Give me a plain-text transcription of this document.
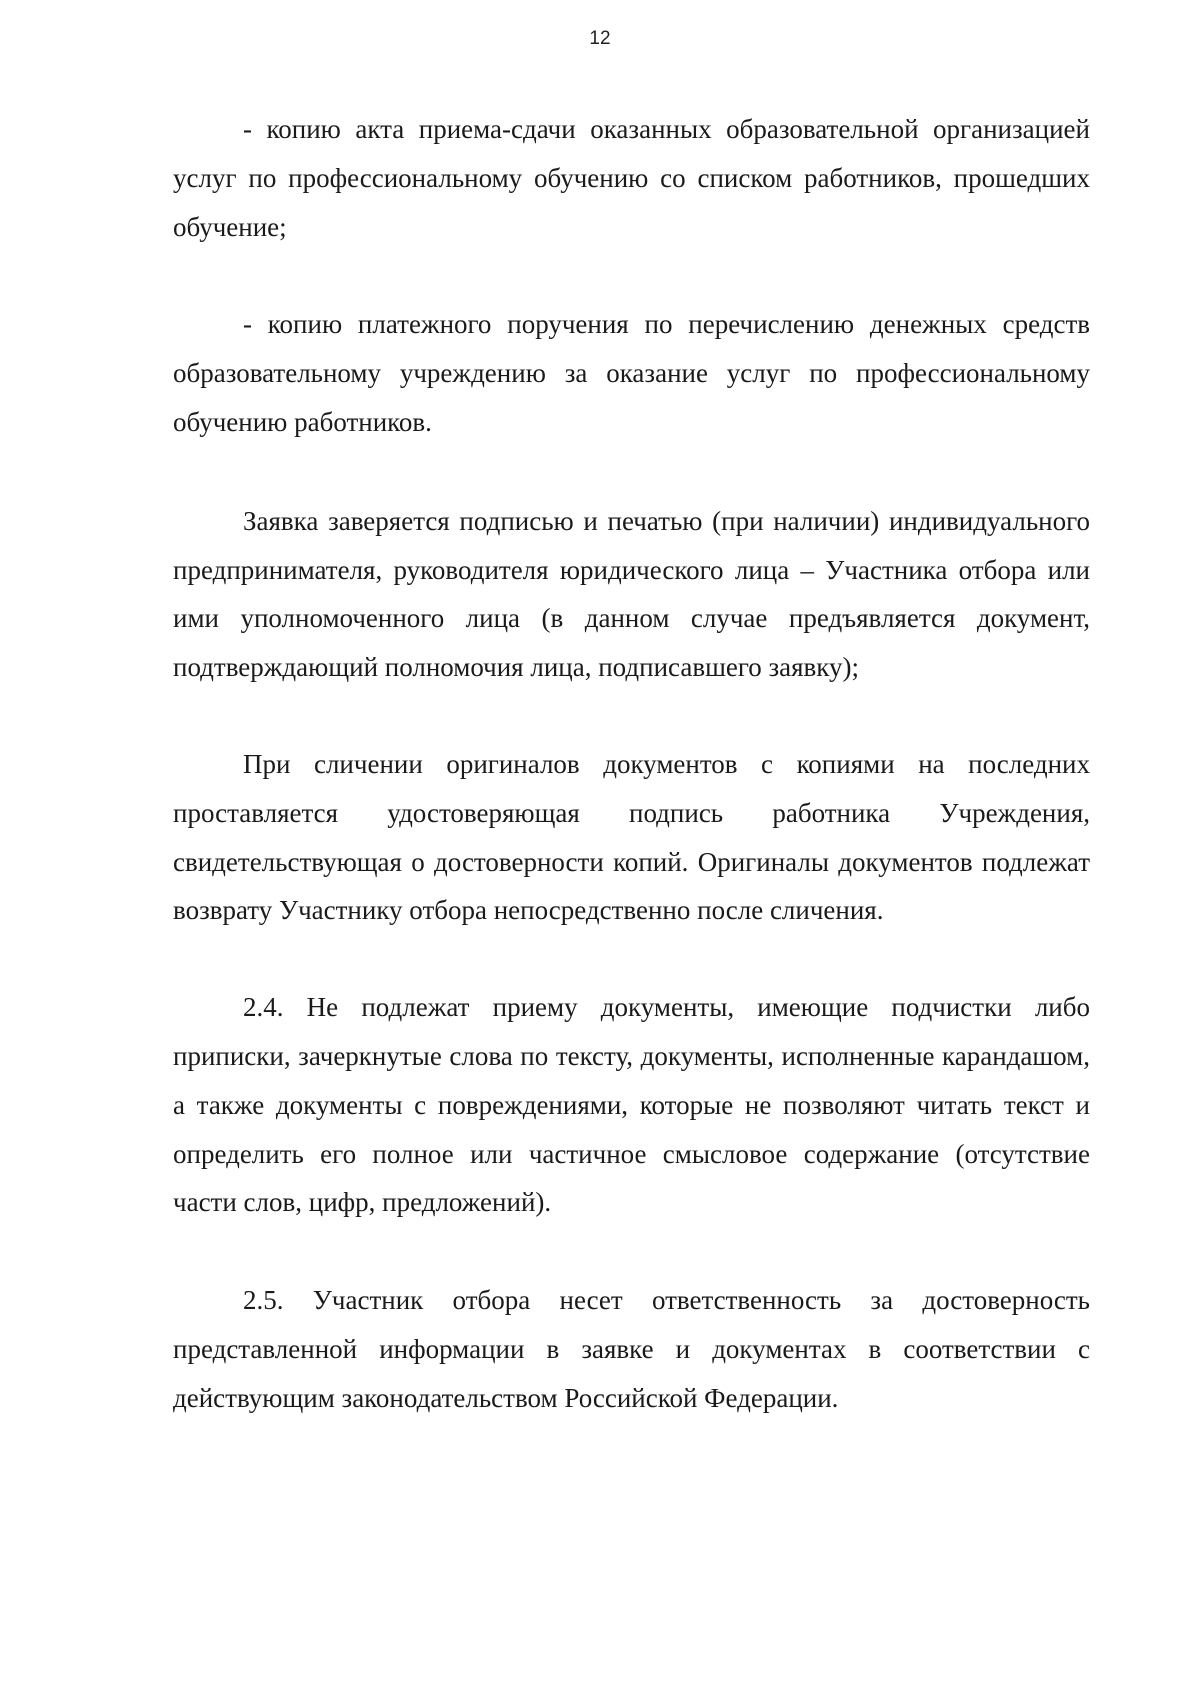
12

- копию акта приема-сдачи оказанных образовательной организацией услуг по профессиональному обучению со списком работников, прошедших обучение;

- копию платежного поручения по перечислению денежных средств образовательному учреждению за оказание услуг по профессиональному обучению работников.

Заявка заверяется подписью и печатью (при наличии) индивидуального предпринимателя, руководителя юридического лица – Участника отбора или ими уполномоченного лица (в данном случае предъявляется документ, подтверждающий полномочия лица, подписавшего заявку);

При сличении оригиналов документов с копиями на последних проставляется удостоверяющая подпись работника Учреждения, свидетельствующая о достоверности копий. Оригиналы документов подлежат возврату Участнику отбора непосредственно после сличения.

2.4. Не подлежат приему документы, имеющие подчистки либо приписки, зачеркнутые слова по тексту, документы, исполненные карандашом, а также документы с повреждениями, которые не позволяют читать текст и определить его полное или частичное смысловое содержание (отсутствие части слов, цифр, предложений).

2.5. Участник отбора несет ответственность за достоверность представленной информации в заявке и документах в соответствии с действующим законодательством Российской Федерации.
